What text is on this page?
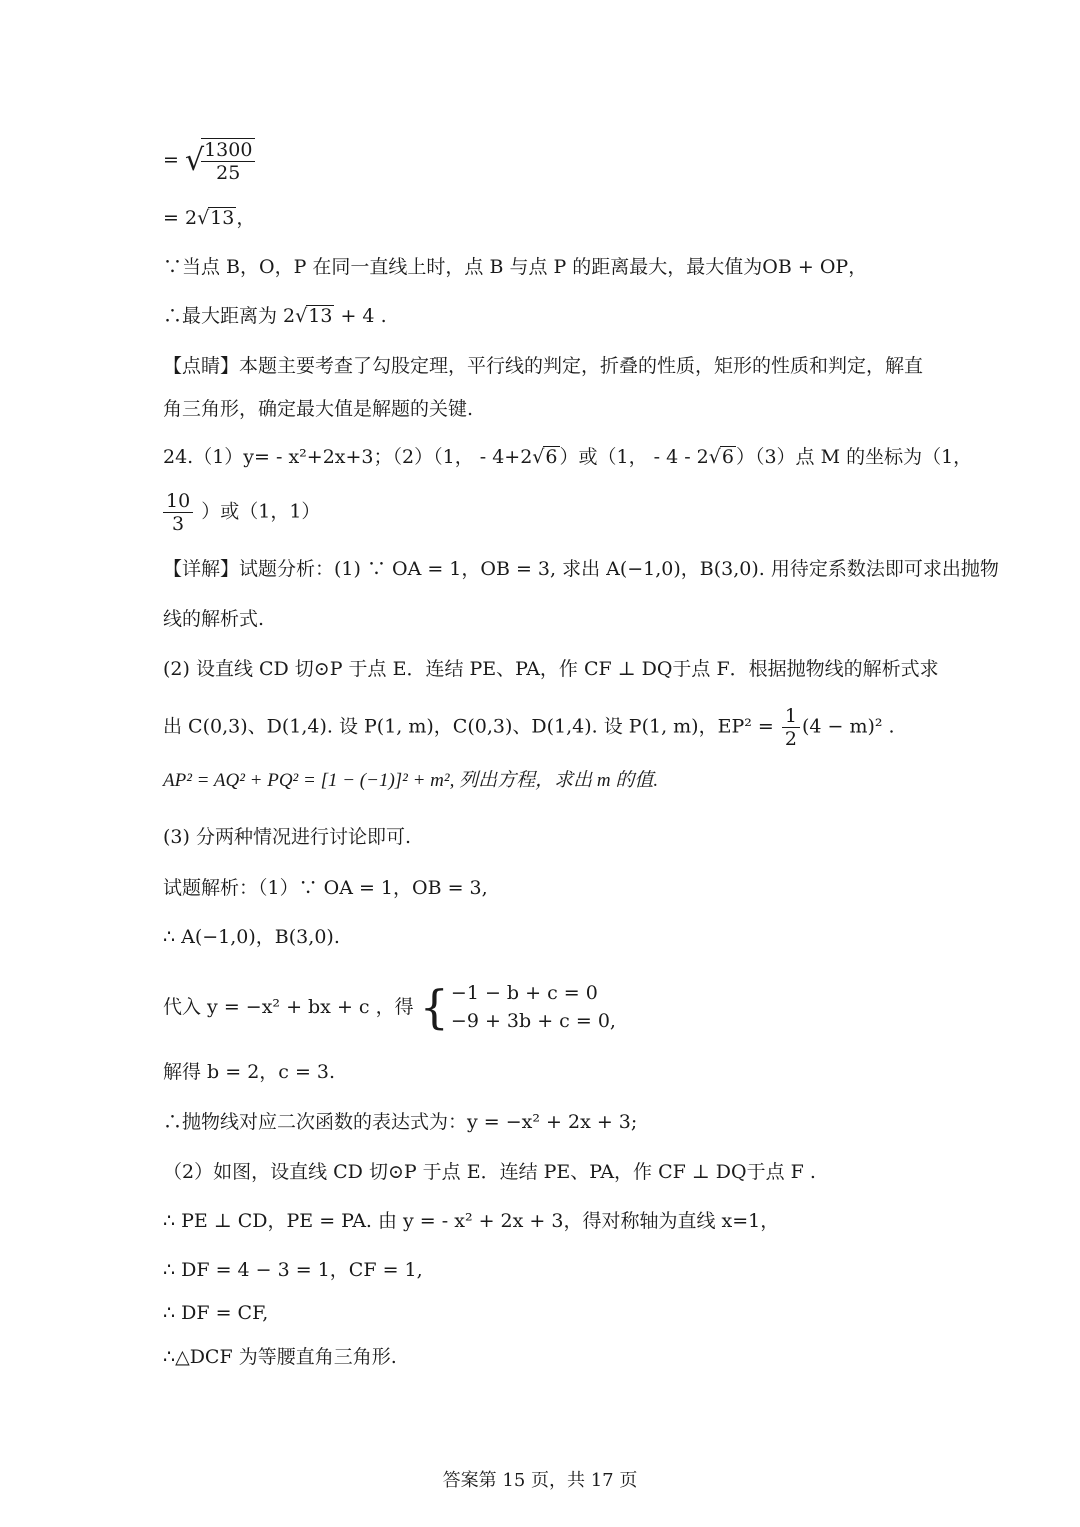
= √
$\frac{1300}{25}$
= 2√13 ，
∵当点 B，O，P 在同一直线上时，点 B 与点 P 的距离最大，最大值为OB + OP，
∴最大距离为 2√13 + 4 .
【点睛】本题主要考查了勾股定理，平行线的判定，折叠的性质，矩形的性质和判定，解直
角三角形，确定最大值是解题的关键.
24.（1）y= - x²+2x+3；（2）（1， - 4+2√6 ）或（1， - 4 - 2√6 ）（3）点 M 的坐标为（1，
$\frac{10}{3}$ ）或（1，1）
【详解】试题分析：(1) ∵ OA = 1，OB = 3, 求出 A(−1,0)，B(3,0). 用待定系数法即可求出抛物
线的解析式.
(2) 设直线 CD 切⊙P 于点 E．连结 PE、PA，作 CF ⊥ DQ于点 F．根据抛物线的解析式求
出 C(0,3)、D(1,4). 设 P(1, m)，C(0,3)、D(1,4). 设 P(1, m)，$EP^2 = \frac{1}{2} (4 - m)^2$ .
AP² = AQ² + PQ² = [1 − (−1)]² + m², 列出方程，求出 m 的值.
(3) 分两种情况进行讨论即可.
试题解析：（1）∵ OA = 1，OB = 3,
∴ A(−1,0)，B(3,0).
代入 y = −x² + bx + c ，得 { −1 − b + c = 0
−9 + 3b + c = 0,
解得 b = 2，c = 3.
∴抛物线对应二次函数的表达式为：y = −x² + 2x + 3;
（2）如图，设直线 CD 切⊙P 于点 E．连结 PE、PA，作 CF ⊥ DQ于点 F .
∴ PE ⊥ CD，PE = PA. 由 y = - x² + 2x + 3，得对称轴为直线 x=1，
∴ DF = 4 − 3 = 1，CF = 1,
∴ DF = CF,
∴△DCF 为等腰直角三角形.
答案第 15 页，共 17 页
